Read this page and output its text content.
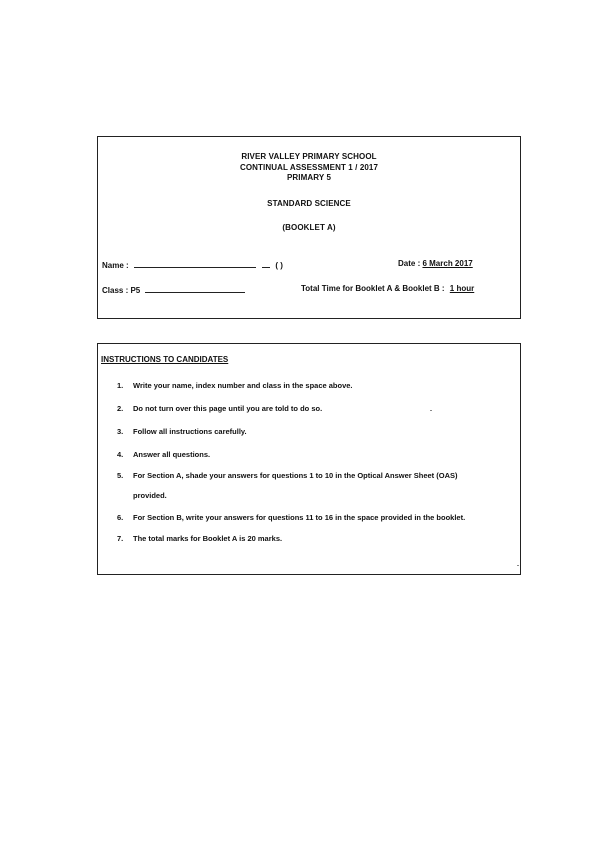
RIVER VALLEY PRIMARY SCHOOL
CONTINUAL ASSESSMENT 1 / 2017
PRIMARY 5
STANDARD SCIENCE
(BOOKLET A)
Name :	( )	Date : 6 March 2017
Class : P5	Total Time for Booklet A & Booklet B : 1 hour
INSTRUCTIONS TO CANDIDATES
1. Write your name, index number and class in the space above.
2. Do not turn over this page until you are told to do so.
3. Follow all instructions carefully.
4. Answer all questions.
5. For Section A, shade your answers for questions 1 to 10 in the Optical Answer Sheet (OAS)
provided.
6. For Section B, write your answers for questions 11 to 16 in the space provided in the booklet.
7. The total marks for Booklet A is 20 marks.
